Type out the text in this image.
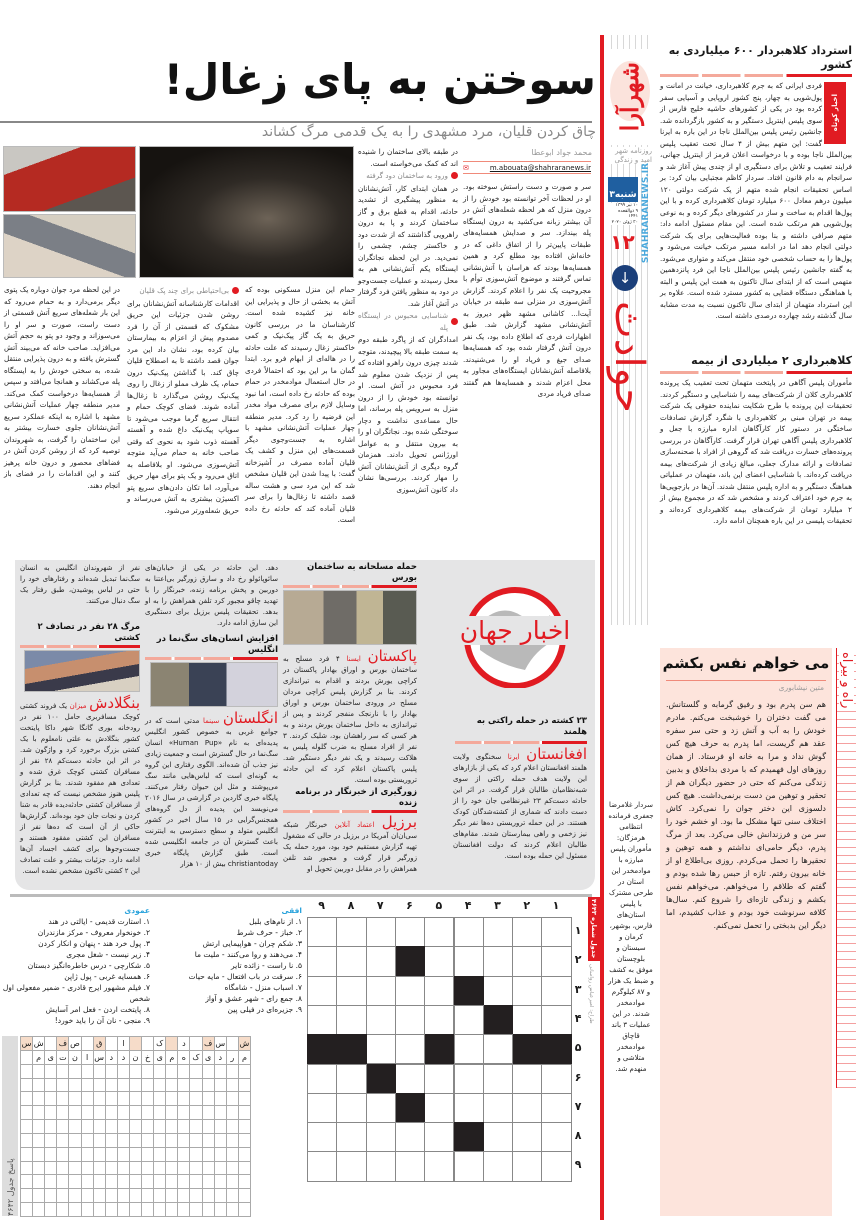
شهرآرا
روزنامه شهر امید و زندگی
۳شنبه
۱۰ تیر ۱۳۹۹
۹ ذوالقعده ۱۴۴۱
۳۰ ژوئن ۲۰۲۰ SHAHRARANEWS.IR
۱۲
↓
حوادث
استرداد کلاهبردار ۶۰۰ میلیاردی به کشور
اخبار کوتاه

فردی ایرانی که به جرم کلاهبرداری، خیانت در امانت و پول‌شویی به چهار، پنج کشور اروپایی و آسیایی سفر کرده بود در یکی از کشورهای حاشیه خلیج فارس از سوی پلیس اینترپل دستگیر و به کشور بازگردانده شد. جانشین رئیس پلیس بین‌الملل ناجا در این باره به ایرنا گفت: این متهم بیش از ۴ سال تحت تعقیب پلیس بین‌الملل ناجا بوده و با درخواست اعلان قرمز از اینترپل جهانی، فرایند تعقیب و تلاش برای دستگیری او از چندی پیش آغاز شد و سرانجام به دام قانون افتاد. سردار کاظم مجتبایی بیان کرد: بر اساس تحقیقات انجام شده متهم از یک شرکت دولتی ۱۲۰ میلیون درهم معادل ۶۰۰ میلیارد تومان کلاهبرداری کرده و با این پول‌ها اقدام به ساخت و ساز در کشورهای دیگر کرده و به نوعی پول‌شویی هم مرتکب شده است. این مقام مسئول ادامه داد: متهم صرافی داشته و بنا بوده فعالیت‌هایی برای یک شرکت دولتی انجام دهد اما در ادامه مسیر مرتکب خیانت می‌شود و پول‌ها را به حساب شخصی خود منتقل می‌کند و متواری می‌شود. به گفته جانشین رئیس پلیس بین‌الملل ناجا این فرد پانزدهمین متهمی است که از ابتدای سال تاکنون به همت این پلیس و البته با هماهنگی دستگاه قضایی به کشور مسترد شده است. علاوه بر این استرداد متهمان از ابتدای سال تاکنون نسبت به مدت مشابه سال گذشته رشد چهارده درصدی داشته است.

کلاهبرداری ۲ میلیاردی از بیمه

مأموران پلیس آگاهی در پایتخت متهمان تحت تعقیب یک پرونده کلاهبرداری کلان از شرکت‌های بیمه را شناسایی و دستگیر کردند. تحقیقات این پرونده با طرح شکایت نماینده حقوقی یک شرکت بیمه در تهران مبنی بر کلاهبرداری با شگرد گزارش تصادفات ساختگی در دستور کار کارآگاهان اداره مبارزه با جعل و کلاهبرداری پلیس آگاهی تهران قرار گرفت. کارآگاهان در بررسی پرونده‌های خسارت دریافت شد که گروهی از افراد با صحنه‌سازی تصادفات و ارائه مدارک جعلی، مبالغ زیادی از شرکت‌های بیمه دریافت کرده‌اند. با شناسایی اعضای این باند، متهمان در عملیاتی هماهنگ دستگیر و به اداره پلیس منتقل شدند. آن‌ها در بازجویی‌ها به جرم خود اعتراف کردند و مشخص شد که در مجموع بیش از ۲ میلیارد تومان از شرکت‌های بیمه کلاهبرداری کرده‌اند و تحقیقات پلیسی در این باره همچنان ادامه دارد.

می خواهم نفس بکشم
متین نیشابوری

هم سن پدرم بود و رفیق گرمابه و گلستانش. می گفت دختران را خوشبخت می‌کنم. مادرم خودش را به آب و آتش زد و حتی سر سفره عقد هم گریست، اما پدرم به حرف هیچ کس گوش نداد و مرا به خانه او فرستاد. از همان روزهای اول فهمیدم که با مردی بداخلاق و بدبین زندگی می‌کنم که حتی در حضور دیگران هم از تحقیر و توهین من دست برنمی‌داشت. هیچ کس دلسوزی این دختر جوان را نمی‌کرد. کاش اختلاف سنی تنها مشکل ما بود. او خشم خود را سر من و فرزندانش خالی می‌کرد. بعد از مرگ پدرم، دیگر حامی‌ای نداشتم و همه توهین و تحقیرها را تحمل می‌کردم. روزی بی‌اطلاع او از خانه بیرون رفتم. تازه از حبس رها شده بودم و گفتم که طلاقم را می‌خواهم. می‌خواهم نفس بکشم و زندگی تازه‌ای را شروع کنم. سال‌ها کلافه سرنوشت خود بودم و عذاب کشیدم، اما دیگر این بدبختی را تحمل نمی‌کنم.

راه و بیراه

سردار غلامرضا جعفری فرمانده انتظامی هرمزگان: مأموران پلیس مبارزه با موادمخدر این استان در طرحی مشترک با پلیس استان‌های فارس، بوشهر، کرمان و سیستان و بلوچستان موفق به کشف و ضبط یک هزار و ۸۷ کیلوگرم موادمخدر شدند. در این عملیات ۳ باند قاچاق موادمخدر متلاشی و منهدم شد.

سوختن به پای زغال!
چاق کردن قلیان، مرد مشهدی را به یک قدمی مرگ کشاند
محمد جواد ابوعطا
m.abouata@shahraranews.ir
✉

سر و صورت و دست راستش سوخته بود. او در لحظات آخر توانسته بود خودش را از درون منزل که هر لحظه شعله‌های آتش در آن بیشتر زبانه می‌کشید به درون ایستگاه پله بیندازد. سر و صدایش همسایه‌های طبقات پایین‌تر را از اتفاق داغی که در خانه‌اش افتاده بود مطلع کرد و همین همسایه‌ها بودند که هراسان با آتش‌نشانی تماس گرفتند و موضوع آتش‌سوزی توأم با مجروحیت یک نفر را اعلام کردند. گزارش آتش‌سوزی در منزلی سه طبقه در خیابان آیت‌ا... کاشانی مشهد ظهر دیروز به آتش‌نشانی مشهد گزارش شد. طبق اظهارات فردی که اطلاع داده بود، یک نفر درون آتش گرفتار شده بود که همسایه‌ها صدای جیغ و فریاد او را می‌شنیدند. بلافاصله آتش‌نشانان ایستگاه‌های مجاور به محل اعزام شدند و همسایه‌ها هم گفتند صدای فریاد مردی

در طبقه بالای ساختمان را شنیده اند که کمک می‌خواسته است.

ورود به ساختمان دود گرفته

در همان ابتدای کار، آتش‌نشانان به منظور پیشگیری از تشدید حادثه، اقدام به قطع برق و گاز ساختمان کردند و پا به درون راهرویی گذاشتند که از شدت دود و خاکستر چشم، چشمی را نمی‌دید. در این لحظه نجاتگران ایستگاه یکم آتش‌نشانی هم به محل رسیدند و عملیات جست‌وجو در دود به منظور یافتن فرد گرفتار در آتش آغاز شد.

شناسایی محبوس در ایستگاه پله

امدادگران که از پاگرد طبقه دوم به سمت طبقه بالا پیچیدند، متوجه شدند چیزی درون راهرو افتاده که پس از نزدیک شدن معلوم شد فرد محبوس در آتش است. او توانسته بود خودش را از درون منزل به سرویس پله برساند، اما حال مساعدی نداشت و دچار سوختگی شده بود. نجاتگران او را به بیرون منتقل و به عوامل اورژانس تحویل دادند. همزمان گروه دیگری از آتش‌نشانان آتش را مهار کردند. بررسی‌ها نشان داد کانون آتش‌سوزی

حمام این منزل مسکونی بوده که آتش به بخشی از حال و پذیرایی این خانه نیز کشیده شده است. کارشناسان ما در بررسی کانون حریق به یک گاز پیک‌نیک و کمی خاکستر زغال رسیدند که علت حادثه را در هاله‌ای از ابهام فرو برد. ابتدا گمان ما بر این بود که احتمالاً فردی در حال استعمال موادمخدر در حمام بوده که حادثه رخ داده است، اما نبود وسایل لازم برای مصرف مواد مخدر این فرضیه را رد کرد. مدیر منطقه چهار عملیات آتش‌نشانی مشهد با اشاره به جست‌وجوی دیگر قسمت‌های این منزل و کشف یک قلیان آماده مصرف در آشپزخانه گفت: با پیدا شدن این قلیان مشخص شد که این مرد سی و هشت ساله قصد داشته تا زغال‌ها را برای سر قلیان آماده کند که حادثه رخ داده است.

بی‌احتیاطی برای چند پک قلیان

اقدامات کارشناسانه آتش‌نشانان برای روشن شدن جزئیات این حریق مشکوک که قسمتی از آن را فرد مصدوم پیش از اعزام به بیمارستان بیان کرده بود، نشان داد این مرد جوان قصد داشته تا به اصطلاح قلیان چاق کند. با گذاشتن پیک‌نیک درون حمام، یک ظرف مملو از زغال را روی پیک‌نیک روشن می‌گذارد تا زغال‌ها آماده شوند. فضای کوچک حمام و انتقال سریع گرما موجب می‌شود تا سوپاپ پیک‌نیک داغ شده و آهسته آهسته ذوب شود به نحوی که وقتی صاحب خانه به حمام می‌آید متوجه آتش‌سوزی می‌شود. او بلافاصله به اتاق می‌رود و یک پتو برای مهار حریق می‌آورد، اما تکان دادن‌های سریع پتو اکسیژن بیشتری به آتش می‌رساند و حریق شعله‌ورتر می‌شود.

در این لحظه مرد جوان دوباره یک پتوی دیگر برمی‌دارد و به حمام می‌رود که این بار شعله‌های سریع آتش قسمتی از دست راست، صورت و سر او را می‌سوزاند و وجود دو پتو به حجم آتش می‌افزاید. صاحب خانه که می‌بیند آتش گسترش یافته و به درون پذیرایی منتقل شده، به سختی خودش را به ایستگاه پله می‌کشاند و همانجا می‌افتد و سپس از همسایه‌ها درخواست کمک می‌کند. مدیر منطقه چهار عملیات آتش‌نشانی مشهد با اشاره به اینکه عملکرد سریع آتش‌نشانان جلوی خسارت بیشتر به این ساختمان را گرفت، به شهروندان توصیه کرد که از روشن کردن آتش در فضاهای محصور و درون خانه پرهیز کنند و این اقدامات را در فضای باز انجام دهند.

اخبار جهان
۲۳ کشته در حمله راکتی به هلمند
افغانستان ایرنا سخنگوی ولایت هلمند افغانستان اعلام کرد که یکی از بازارهای این ولایت هدف حمله راکتی از سوی شبه‌نظامیان طالبان قرار گرفت. در اثر این حادثه دست‌کم ۲۳ غیرنظامی جان خود را از دست دادند که شماری از کشته‌شدگان کودک هستند. در این حمله تروریستی ده‌ها نفر دیگر نیز زخمی و راهی بیمارستان شدند. مقام‌های طالبان اعلام کردند که دولت افغانستان مسئول این حمله بوده است.
حمله مسلحانه به ساختمان بورس
پاکستان ایسنا ۴ فرد مسلح به ساختمان بورس و اوراق بهادار پاکستان در کراچی یورش بردند و اقدام به تیراندازی کردند. بنا بر گزارش پلیس کراچی مردان مسلح در ورودی ساختمان بورس و اوراق بهادار را با نارنجک منفجر کردند و پس از تیراندازی به داخل ساختمان یورش بردند و به هر کسی که سر راهشان بود، شلیک کردند. ۳ نفر از افراد مسلح به ضرب گلوله پلیس به هلاکت رسیدند و یک نفر دیگر دستگیر شد. پلیس پاکستان اعلام کرد که این حادثه تروریستی بوده است.
زورگیری از خبرنگار در برنامه زنده
برزیل اعتماد آنلاین خبرنگار شبکه سی‌ان‌ان آمریکا در برزیل در حالی که مشغول تهیه گزارش مستقیم خود بود، مورد حمله یک زورگیر قرار گرفت و مجبور شد تلفن همراهش را در مقابل دوربین تحویل او

دهد. این حادثه در یکی از خیابان‌های سائوپائولو رخ داد و سارق زورگیر بی‌اعتنا به دوربین و پخش برنامه زنده، خبرنگار را با تهدید چاقو مجبور کرد تلفن همراهش را به او بدهد. تحقیقات پلیس برزیل برای دستگیری این سارق ادامه دارد.

افزایش انسان‌های سگ‌نما در انگلیس
انگلستان سینما مدتی است که در جوامع غربی به خصوص کشور انگلیس پدیده‌ای به نام «Human Pup» انسان سگ‌نما در حال گسترش است و جمعیت زیادی نیز جذب آن شده‌اند. الگوی رفتاری این گروه به گونه‌ای است که لباس‌هایی مانند سگ می‌پوشند و مثل این حیوان رفتار می‌کنند. پایگاه خبری گاردین در گزارشی در سال ۲۰۱۶ می‌نویسد این پدیده از دل گروه‌های همجنس‌گرایی در ۱۵ سال اخیر در کشور انگلیس متولد و سطح دسترسی به اینترنت باعث گسترش آن در جامعه انگلیسی شده است. طبق گزارش پایگاه خبری christiantoday بیش از ۱۰ هزار

نفر از شهروندان انگلیس به انسان سگ‌نما تبدیل شده‌اند و رفتارهای خود را حتی در لباس پوشیدن، طبق رفتار یک سگ دنبال می‌کنند.

مرگ ۲۸ نفر در تصادف ۲ کشتی
بنگلادش میزان یک فروند کشتی کوچک مسافربری حامل ۱۰۰ نفر در رودخانه بوری گانگا شهر داکا پایتخت کشور بنگلادش به علتی نامعلوم با یک کشتی بزرگ برخورد کرد و واژگون شد. در اثر این حادثه دست‌کم ۲۸ نفر از مسافران کشتی کوچک غرق شده و تعدادی هم مفقود شدند. بنا بر گزارش پلیس هنوز مشخص نیست که چه تعدادی از مسافران کشتی حادثه‌دیده قادر به شنا کردن و نجات جان خود بوده‌اند. گزارش‌ها حاکی از آن است که ده‌ها نفر از مسافران این کشتی مفقود هستند و جست‌وجوها برای کشف اجساد آن‌ها ادامه دارد. جزئیات بیشتر و علت تصادف این ۲ کشتی تاکنون مشخص نشده است.
جدول شماره ۴۶۴۳
طراح: امیرعباس رواسانی
۱
۲
۳
۴
۵
۶
۷
۸
۹
۱
۲
۳
۴
۵
۶
۷
۸
۹
افقی
۱. از نام‌های بلبل
۲. خباز - حرف شرط
۳. شکم چران - هواپیمایی ارتش
۴. می‌دهند و روا می‌کنند - ملیت ما
۵. نا راست - زائده تایر
۶. سرقت در باب افتعال - مایه حیات
۷. اسباب منزل - شامگاه
۸. جمع رای - شهر عشق و آواز
۹. جزیره‌ای در فیلی پین
عمودی
۱. استارت قدیمی - ایالتی در هند
۲. خونخوار معروف - مرکز مازندران
۳. پول خرد هند - پنهان و انکار کردن
۴. زیر نیست - شغل مجری
۵. شکارچی - درس خاطره‌انگیز دبستان
۶. همسایه غربی - پول ژاپن
۷. فیلم مشهور ایرج قادری - ضمیر مفعولی اول شخص
۸. پایتخت اردن - فعل امر آسایش
۹. منجی - نان آن را باید خورد!
پاسخ جدول ۴۶۴۲
ش
س
ف
د
ک
ا
ق
ص
ف
ش
س
م
ر
د
ی
ک
ه
م
ی
خ
ن
د
د
س
ا
ن
ت
ی
م
